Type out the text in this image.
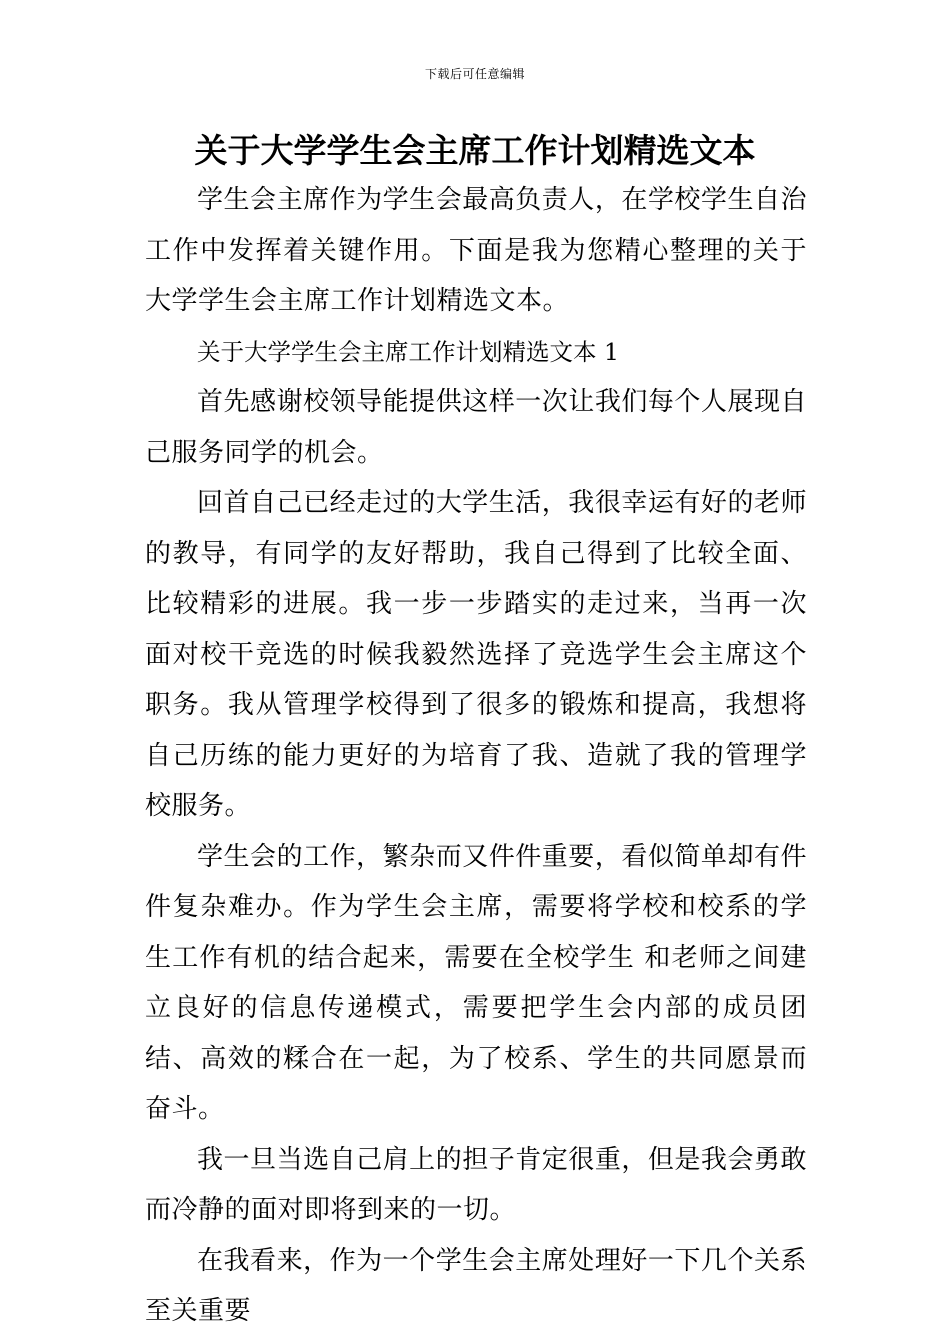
下载后可任意编辑
关于大学学生会主席工作计划精选文本

学生会主席作为学生会最高负责人，在学校学生自治工作中发挥着关键作用。下面是我为您精心整理的关于大学学生会主席工作计划精选文本。

关于大学学生会主席工作计划精选文本 1

首先感谢校领导能提供这样一次让我们每个人展现自己服务同学的机会。

回首自己已经走过的大学生活，我很幸运有好的老师的教导，有同学的友好帮助，我自己得到了比较全面、比较精彩的进展。我一步一步踏实的走过来，当再一次面对校干竞选的时候我毅然选择了竞选学生会主席这个职务。我从管理学校得到了很多的锻炼和提高，我想将自己历练的能力更好的为培育了我、造就了我的管理学校服务。

学生会的工作，繁杂而又件件重要，看似简单却有件件复杂难办。作为学生会主席，需要将学校和校系的学生工作有机的结合起来，需要在全校学生 和老师之间建立良好的信息传递模式，需要把学生会内部的成员团结、高效的糅合在一起，为了校系、学生的共同愿景而奋斗。

我一旦当选自己肩上的担子肯定很重，但是我会勇敢而冷静的面对即将到来的一切。

在我看来，作为一个学生会主席处理好一下几个关系至关重要
